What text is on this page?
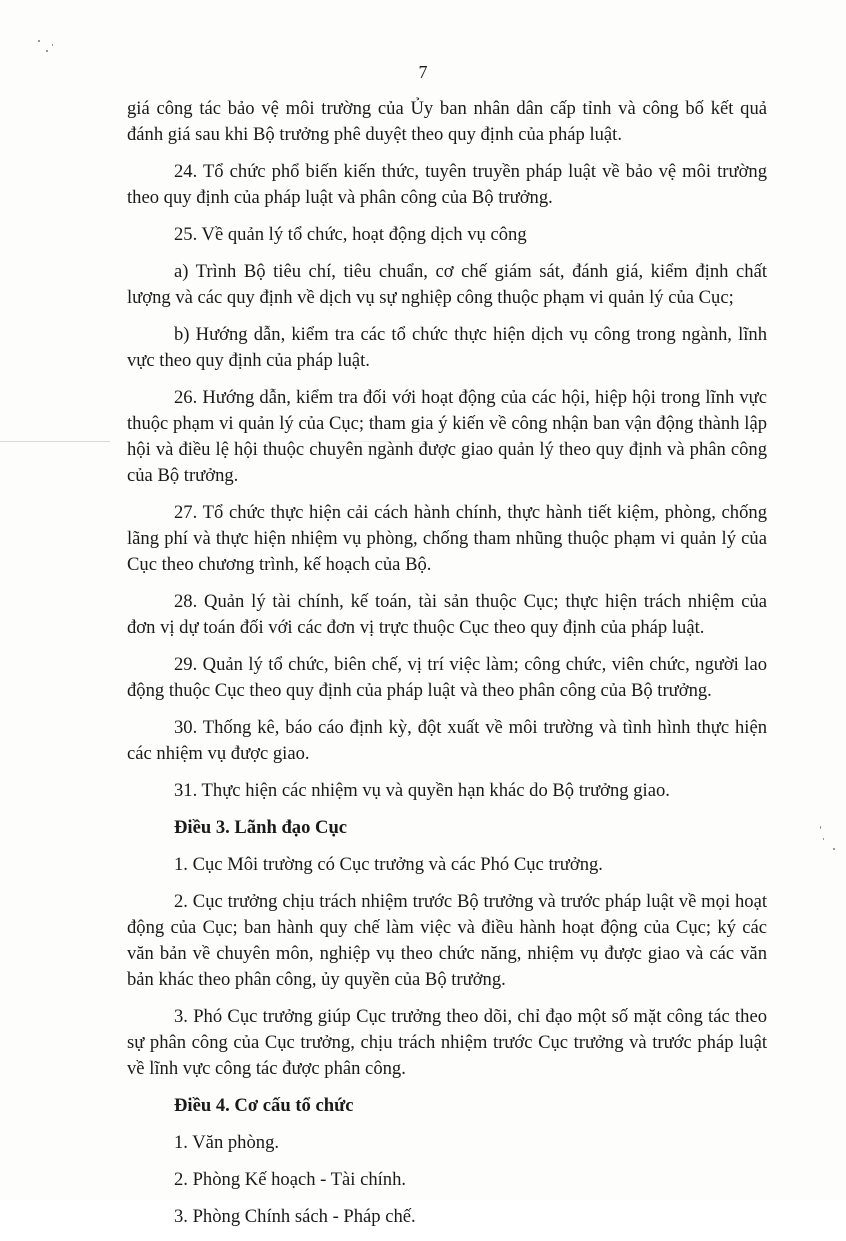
7

giá công tác bảo vệ môi trường của Ủy ban nhân dân cấp tỉnh và công bố kết quả đánh giá sau khi Bộ trưởng phê duyệt theo quy định của pháp luật.

24. Tổ chức phổ biến kiến thức, tuyên truyền pháp luật về bảo vệ môi trường theo quy định của pháp luật và phân công của Bộ trưởng.

25. Về quản lý tổ chức, hoạt động dịch vụ công

a) Trình Bộ tiêu chí, tiêu chuẩn, cơ chế giám sát, đánh giá, kiểm định chất lượng và các quy định về dịch vụ sự nghiệp công thuộc phạm vi quản lý của Cục;

b) Hướng dẫn, kiểm tra các tổ chức thực hiện dịch vụ công trong ngành, lĩnh vực theo quy định của pháp luật.

26. Hướng dẫn, kiểm tra đối với hoạt động của các hội, hiệp hội trong lĩnh vực thuộc phạm vi quản lý của Cục; tham gia ý kiến về công nhận ban vận động thành lập hội và điều lệ hội thuộc chuyên ngành được giao quản lý theo quy định và phân công của Bộ trưởng.

27. Tổ chức thực hiện cải cách hành chính, thực hành tiết kiệm, phòng, chống lãng phí và thực hiện nhiệm vụ phòng, chống tham nhũng thuộc phạm vi quản lý của Cục theo chương trình, kế hoạch của Bộ.

28. Quản lý tài chính, kế toán, tài sản thuộc Cục; thực hiện trách nhiệm của đơn vị dự toán đối với các đơn vị trực thuộc Cục theo quy định của pháp luật.

29. Quản lý tổ chức, biên chế, vị trí việc làm; công chức, viên chức, người lao động thuộc Cục theo quy định của pháp luật và theo phân công của Bộ trưởng.

30. Thống kê, báo cáo định kỳ, đột xuất về môi trường và tình hình thực hiện các nhiệm vụ được giao.

31. Thực hiện các nhiệm vụ và quyền hạn khác do Bộ trưởng giao.

Điều 3. Lãnh đạo Cục

1. Cục Môi trường có Cục trưởng và các Phó Cục trưởng.

2. Cục trưởng chịu trách nhiệm trước Bộ trưởng và trước pháp luật về mọi hoạt động của Cục; ban hành quy chế làm việc và điều hành hoạt động của Cục; ký các văn bản về chuyên môn, nghiệp vụ theo chức năng, nhiệm vụ được giao và các văn bản khác theo phân công, ủy quyền của Bộ trưởng.

3. Phó Cục trưởng giúp Cục trưởng theo dõi, chỉ đạo một số mặt công tác theo sự phân công của Cục trưởng, chịu trách nhiệm trước Cục trưởng và trước pháp luật về lĩnh vực công tác được phân công.

Điều 4. Cơ cấu tổ chức

1. Văn phòng.

2. Phòng Kế hoạch - Tài chính.

3. Phòng Chính sách - Pháp chế.
